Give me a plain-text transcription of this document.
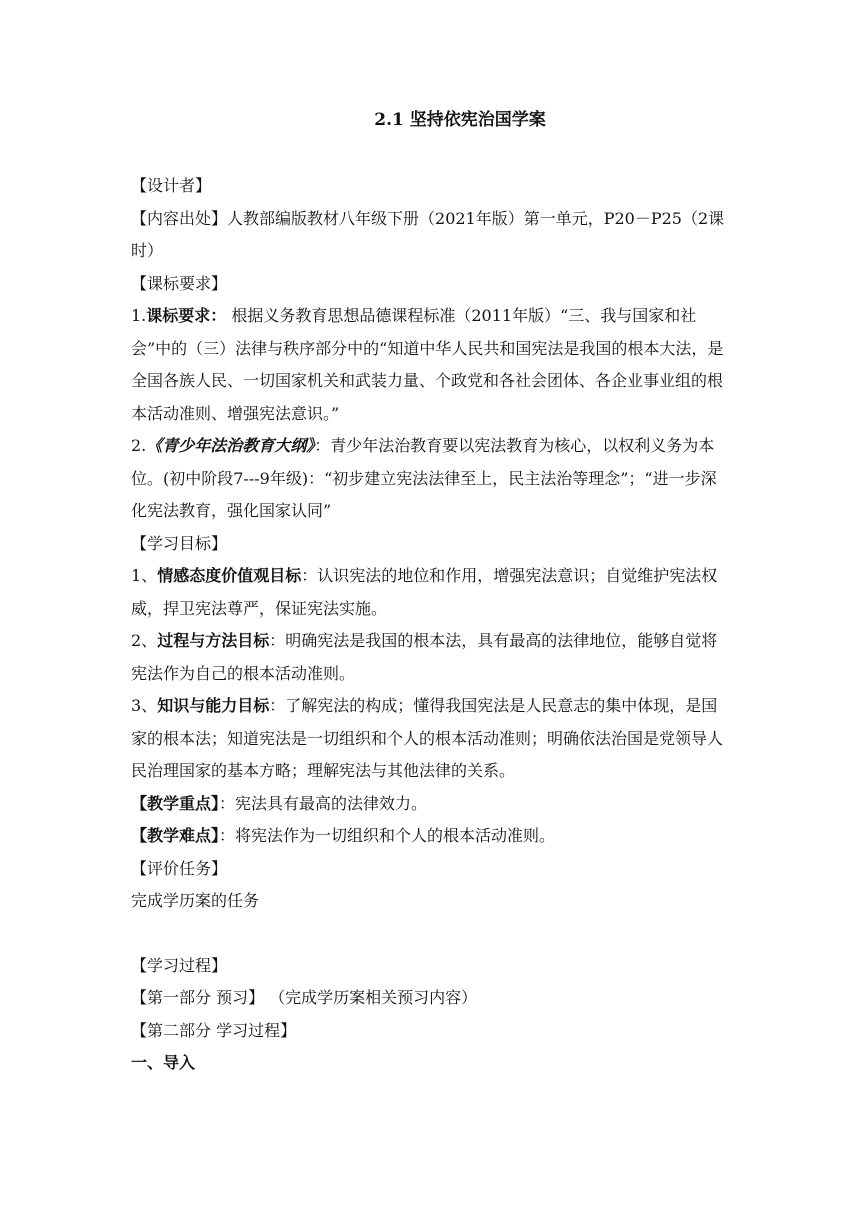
2.1 坚持依宪治国学案

【设计者】

【内容出处】人教部编版教材八年级下册（2021年版）第一单元，P20－P25（2课时）

【课标要求】

1.课标要求： 根据义务教育思想品德课程标准（2011年版）“三、我与国家和社会”中的（三）法律与秩序部分中的“知道中华人民共和国宪法是我国的根本大法，是全国各族人民、一切国家机关和武装力量、个政党和各社会团体、各企业事业组的根本活动准则、增强宪法意识。”

2.《青少年法治教育大纲》：青少年法治教育要以宪法教育为核心，以权利义务为本位。(初中阶段7---9年级)：“初步建立宪法法律至上，民主法治等理念”；“进一步深化宪法教育，强化国家认同”

【学习目标】

1、情感态度价值观目标：认识宪法的地位和作用，增强宪法意识；自觉维护宪法权威，捍卫宪法尊严，保证宪法实施。

2、过程与方法目标：明确宪法是我国的根本法，具有最高的法律地位，能够自觉将宪法作为自己的根本活动准则。

3、知识与能力目标：了解宪法的构成；懂得我国宪法是人民意志的集中体现，是国家的根本法；知道宪法是一切组织和个人的根本活动准则；明确依法治国是党领导人民治理国家的基本方略；理解宪法与其他法律的关系。

【教学重点】：宪法具有最高的法律效力。

【教学难点】：将宪法作为一切组织和个人的根本活动准则。

【评价任务】

完成学历案的任务

【学习过程】

【第一部分 预习】 （完成学历案相关预习内容）

【第二部分 学习过程】

一、导入
